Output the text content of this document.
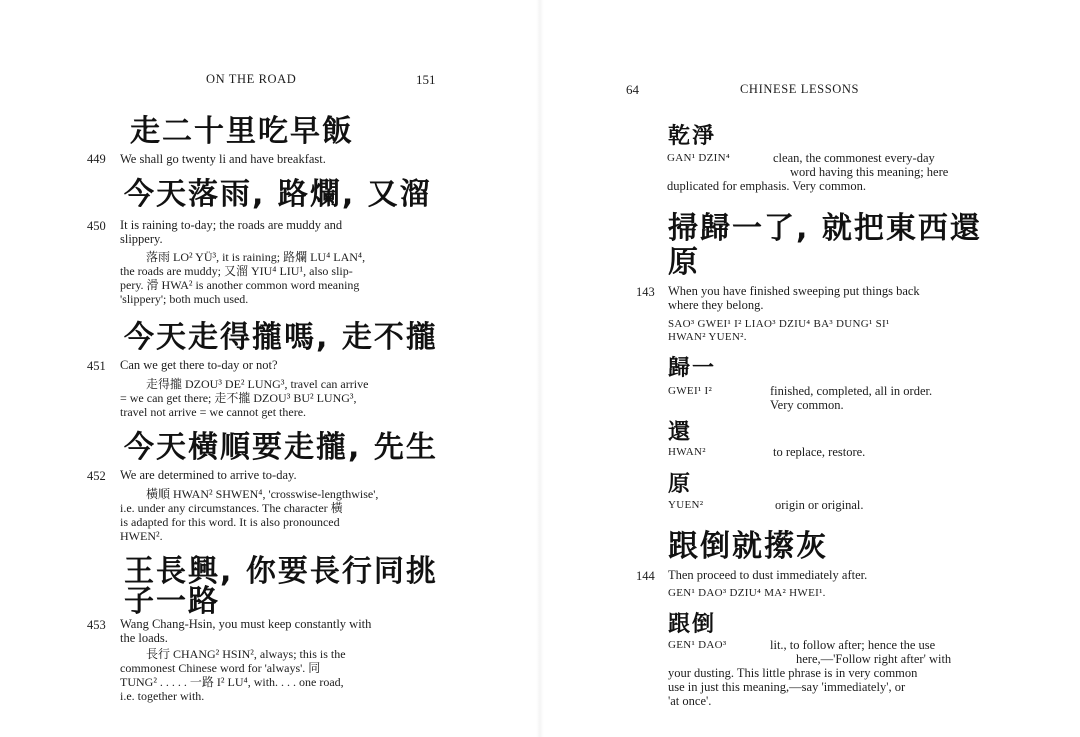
ON THE ROAD	151
走二十里吃早飯
449 We shall go twenty li and have breakfast.
今天落雨, 路爛, 又溜
450 It is raining to-day; the roads are muddy and
slippery.
落雨 LO² YÜ³, it is raining; 路爛 LU⁴ LAN⁴,
the roads are muddy; 又溜 YIU⁴ LIU¹, also slip-
pery. 滑 HWA² is another common word meaning
'slippery'; both much used.
今天走得攏嗎, 走不攏
451 Can we get there to-day or not?
走得攏 DZOU³ DE² LUNG³, travel can arrive
= we can get there; 走不攏 DZOU³ BU² LUNG³,
travel not arrive = we cannot get there.
今天橫順要走攏, 先生
452 We are determined to arrive to-day.
橫順 HWAN² SHWEN⁴, 'crosswise-lengthwise',
i.e. under any circumstances. The character 橫
is adapted for this word. It is also pronounced
HWEN².
王長興, 你要長行同挑
子一路
453 Wang Chang-Hsin, you must keep constantly with
the loads.
長行 CHANG² HSIN², always; this is the
commonest Chinese word for 'always'. 同
TUNG² . . . . . 一路 I² LU⁴, with. . . . one road,
i.e. together with.
64	CHINESE LESSONS
乾淨
GAN¹ DZIN⁴	clean, the commonest every-day
word having this meaning; here
duplicated for emphasis. Very common.
掃歸一了, 就把東西還
原
143 When you have finished sweeping put things back
where they belong.
SAO³ GWEI¹ I² LIAO³ DZIU⁴ BA³ DUNG¹ SI¹
HWAN² YUEN².
歸一
GWEI¹ I²	finished, completed, all in order.
Very common.
還
HWAN²	to replace, restore.
原
YUEN²	origin or original.
跟倒就攃灰
144 Then proceed to dust immediately after.
GEN¹ DAO³ DZIU⁴ MA² HWEI¹.
跟倒
GEN¹ DAO³	lit., to follow after; hence the use
here,—'Follow right after' with
your dusting. This little phrase is in very common
use in just this meaning,—say 'immediately', or
'at once'.
